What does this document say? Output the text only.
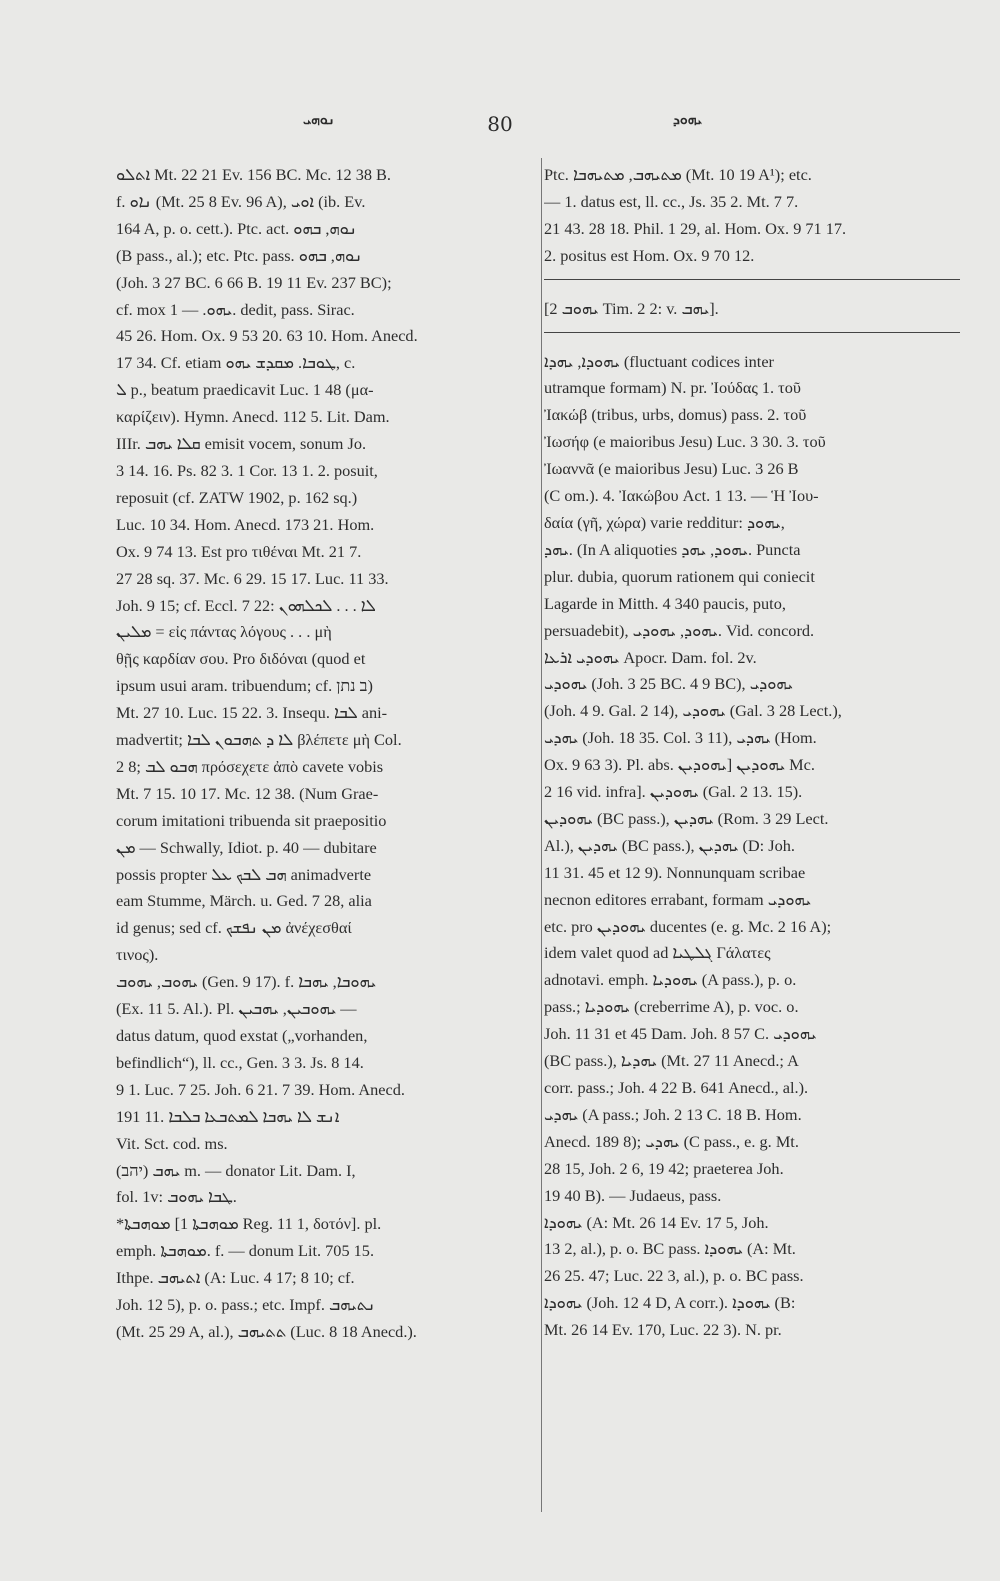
ܢܘܗܝ	80	ܝܗܘܕ
ܐܬܠܘ Mt. 22 21 Ev. 156 BC. Mc. 12 38 B.
f. ܢܐܘ (Mt. 25 8 Ev. 96 A), ܐܘܝ (ib. Ev.
164 A, p. o. cett.). Ptc. act. ܢܘܗ, ܒܗܘ
(B pass., al.); etc. Ptc. pass. ܢܘܗ, ܒܗܘ
(Joh. 3 27 BC. 6 66 B. 19 11 Ev. 237 BC);
cf. mox ܝܗܘ. — 1. dedit, pass. Sirac.
45 26. Hom. Ox. 9 53 20. 63 10. Hom. Anecd.
17 34. Cf. etiam ܛܘܒܐ. ܡܩܕܫ ܝܗܘ, c.
ܠ p., beatum praedicavit Luc. 1 48 (μα-
καρίζειν). Hymn. Anecd. 112 5. Lit. Dam.
IIIr. ܩܠܐ ܝܗܒ emisit vocem, sonum Jo.
3 14. 16. Ps. 82 3. 1 Cor. 13 1. 2. posuit,
reposuit (cf. ZATW 1902, p. 162 sq.)
Luc. 10 34. Hom. Anecd. 173 21. Hom.
Ox. 9 74 13. Est pro τιθέναι Mt. 21 7.
27 28 sq. 37. Mc. 6 29. 15 17. Luc. 11 33.
Joh. 9 15; cf. Eccl. 7 22: ܠܐ . . . ܠܟܠܗܘܢ
ܡܠܝܢ = εἰς πάντας λόγους . . . μὴ
θῇς καρδίαν σου. Pro διδόναι (quod et
ipsum usui aram. tribuendum; cf. ב נתן)
Mt. 27 10. Luc. 15 22. 3. Insequ. ܠܒܐ ani-
madvertit; ܠܐ ܕ ܬܗܒܘܢ ܠܒܐ βλέπετε μὴ Col.
2 8; ܗܒܘ ܠܒ πρόσεχετε ἀπὸ cavete vobis
Mt. 7 15. 10 17. Mc. 12 38. (Num Grae-
corum imitationi tribuenda sit praepositio
ܡܢ — Schwally, Idiot. p. 40 — dubitare
possis propter ܗܒ ܠܒܟ ܥܠ animadverte
eam Stumme, Märch. u. Ged. 7 28, alia
id genus; sed cf. ܡܢ ܢܦܫܟ ἀνέχεσθαί
τινος).
ܝܗܘܒ, ܝܗܘܒ (Gen. 9 17). f. ܝܗܘܒܐ, ܝܗܒܐ
(Ex. 11 5. Al.). Pl. ܝܗܘܒܝܢ, ܝܗܒܝܢ —
datus datum, quod exstat („vorhanden,
befindlich“), ll. cc., Gen. 3 3. Js. 8 14.
9 1. Luc. 7 25. Joh. 6 21. 7 39. Hom. Anecd.
191 11. ܐܢܫ ܠܐ ܝܗܒܐ ܠܡܬܒܥܐ ܒܠܒܐ
Vit. Sct. cod. ms.
ܝܗܒ (יהב) m. — donator Lit. Dam. I,
fol. 1v: ܛܒܐ ܝܗܘܒ.
*ܡܘܗܒܬܐ [ܡܘܗܒܬܐ 1 Reg. 11 1, δοτόν]. pl.
emph. ܡܘܗܒܬܐ. f. — donum Lit. 705 15.
Ithpe. ܐܬܝܗܒ (A: Luc. 4 17; 8 10; cf.
Joh. 12 5), p. o. pass.; etc. Impf. ܢܬܝܗܒ
(Mt. 25 29 A, al.), ܬܬܝܗܒ (Luc. 8 18 Anecd.).
Ptc. ܡܬܝܗܒ, ܡܬܝܗܒܐ (Mt. 10 19 A¹); etc.
— 1. datus est, ll. cc., Js. 35 2. Mt. 7 7.
21 43. 28 18. Phil. 1 29, al. Hom. Ox. 9 71 17.
2. positus est Hom. Ox. 9 70 12.
[ܝܗܘܒ 2 Tim. 2 2: v. ܝܗܒ].
ܝܗܘܕܐ, ܝܗܕܐ (fluctuant codices inter
utramque formam) N. pr. Ἰούδας 1. τοῦ
Ἰακώβ (tribus, urbs, domus) pass. 2. τοῦ
Ἰωσήφ (e maioribus Jesu) Luc. 3 30. 3. τοῦ
Ἰωαννᾶ (e maioribus Jesu) Luc. 3 26 B
(C om.). 4. Ἰακώβου Act. 1 13. — Ἡ Ἰου-
δαία (γῆ, χώρα) varie redditur: ܝܗܘܕ,
ܝܗܕ. (In A aliquoties ܝܗܘܕ, ܝܗܕ. Puncta
plur. dubia, quorum rationem qui coniecit
Lagarde in Mitth. 4 340 paucis, puto,
persuadebit), ܝܗܘܕ, ܝܗܘܕܝ. Vid. concord.
ܝܗܘܕܝ ܐܪܥܐ Apocr. Dam. fol. 2v.
ܝܗܘܕܝ (Joh. 3 25 BC. 4 9 BC), ܝܗܘܕܝ
(Joh. 4 9. Gal. 2 14), ܝܗܘܕܝ (Gal. 3 28 Lect.),
ܝܗܕܝ (Joh. 18 35. Col. 3 11), ܝܗܕܝ (Hom.
Ox. 9 63 3). Pl. abs. ܝܗܘܕܝܢ [ܝܗܘܕܝܢ Mc.
2 16 vid. infra]. ܝܗܘܕܝܢ (Gal. 2 13. 15).
ܝܗܘܕܝܢ (BC pass.), ܝܗܕܝܢ (Rom. 3 29 Lect.
Al.), ܝܗܕܝܢ (BC pass.), ܝܗܕܝܢ (D: Joh.
11 31. 45 et 12 9). Nonnunquam scribae
necnon editores errabant, formam ܝܗܘܕܝ
etc. pro ܝܗܘܕܝܢ ducentes (e. g. Mc. 2 16 A);
idem valet quod ad ܓܠܛܝܐ Γάλατες
adnotavi. emph. ܝܗܘܕܝܐ (A pass.), p. o.
pass.; ܝܗܘܕܝܐ (creberrime A), p. voc. o.
Joh. 11 31 et 45 Dam. Joh. 8 57 C. ܝܗܘܕܝ
(BC pass.), ܝܗܕܝܐ (Mt. 27 11 Anecd.; A
corr. pass.; Joh. 4 22 B. 641 Anecd., al.).
ܝܗܕܝ (A pass.; Joh. 2 13 C. 18 B. Hom.
Anecd. 189 8); ܝܗܕܝ (C pass., e. g. Mt.
28 15, Joh. 2 6, 19 42; praeterea Joh.
19 40 B). — Judaeus, pass.
ܝܗܘܕܐ (A: Mt. 26 14 Ev. 17 5, Joh.
13 2, al.), p. o. BC pass. ܝܗܘܕܐ (A: Mt.
26 25. 47; Luc. 22 3, al.), p. o. BC pass.
ܝܗܘܕܐ (Joh. 12 4 D, A corr.). ܝܗܘܕܐ (B:
Mt. 26 14 Ev. 170, Luc. 22 3). N. pr.
